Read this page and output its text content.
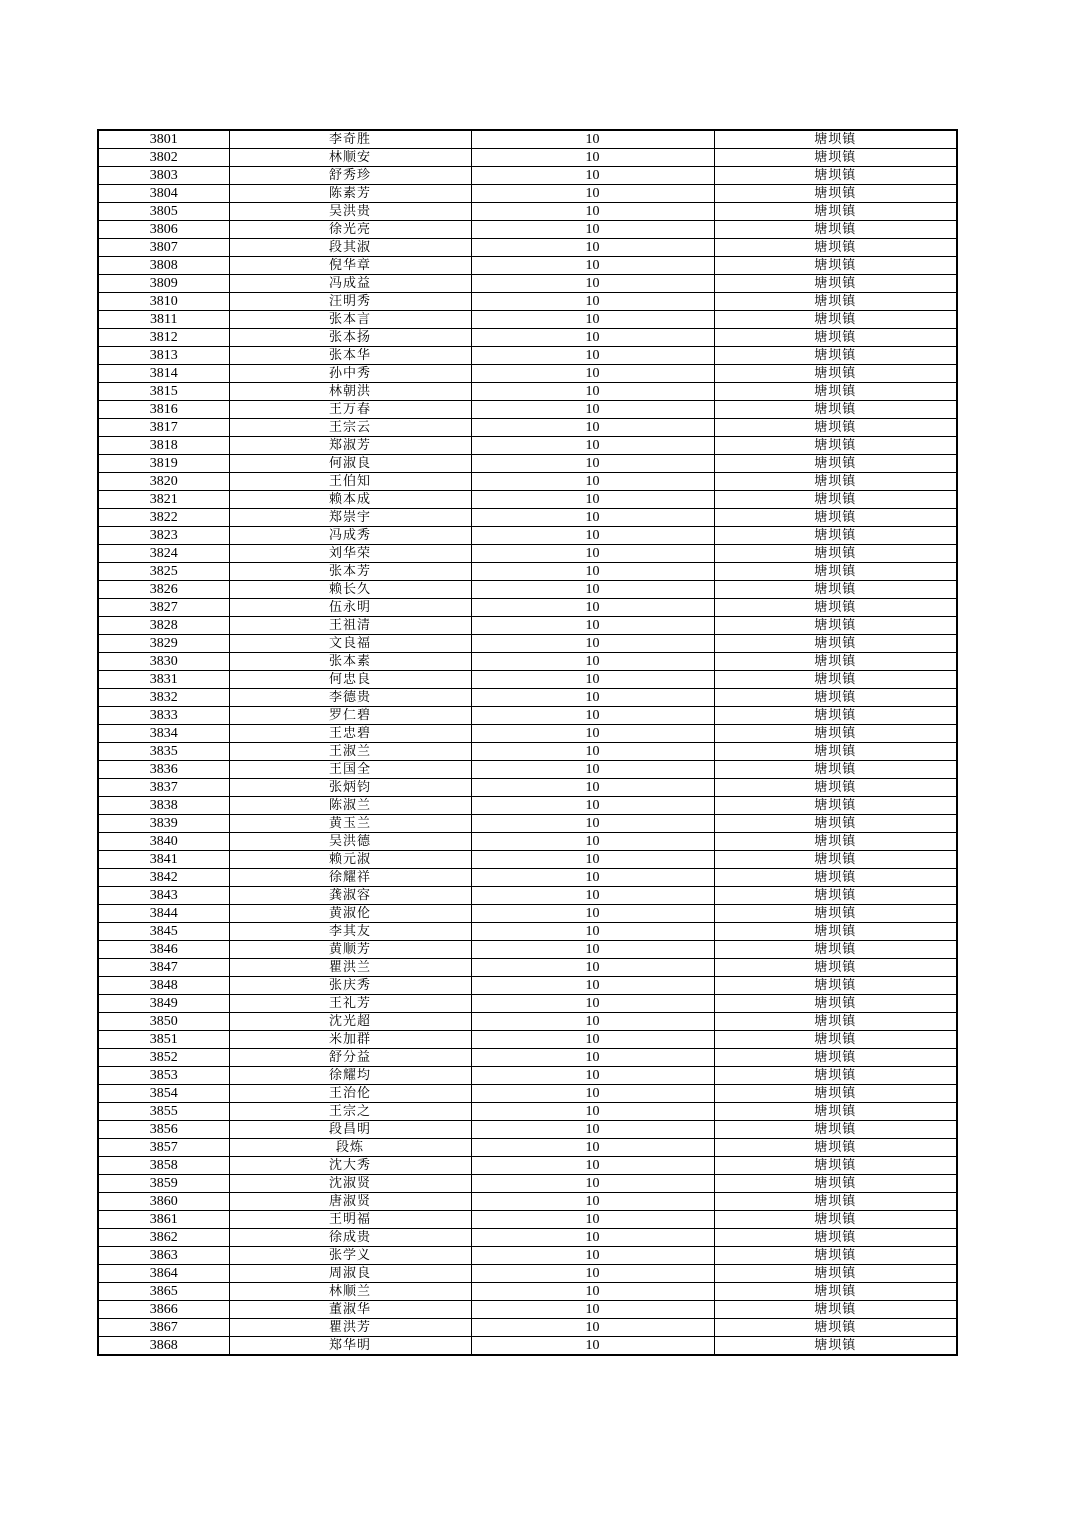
3801	李奇胜	10	塘坝镇
3802	林顺安	10	塘坝镇
3803	舒秀珍	10	塘坝镇
3804	陈素芳	10	塘坝镇
3805	吴洪贵	10	塘坝镇
3806	徐光亮	10	塘坝镇
3807	段其淑	10	塘坝镇
3808	倪华章	10	塘坝镇
3809	冯成益	10	塘坝镇
3810	汪明秀	10	塘坝镇
3811	张本言	10	塘坝镇
3812	张本扬	10	塘坝镇
3813	张本华	10	塘坝镇
3814	孙中秀	10	塘坝镇
3815	林朝洪	10	塘坝镇
3816	王万春	10	塘坝镇
3817	王宗云	10	塘坝镇
3818	郑淑芳	10	塘坝镇
3819	何淑良	10	塘坝镇
3820	王伯知	10	塘坝镇
3821	赖本成	10	塘坝镇
3822	郑崇宇	10	塘坝镇
3823	冯成秀	10	塘坝镇
3824	刘华荣	10	塘坝镇
3825	张本芳	10	塘坝镇
3826	赖长久	10	塘坝镇
3827	伍永明	10	塘坝镇
3828	王祖清	10	塘坝镇
3829	文良福	10	塘坝镇
3830	张本素	10	塘坝镇
3831	何忠良	10	塘坝镇
3832	李德贵	10	塘坝镇
3833	罗仁碧	10	塘坝镇
3834	王忠碧	10	塘坝镇
3835	王淑兰	10	塘坝镇
3836	王国全	10	塘坝镇
3837	张炳钧	10	塘坝镇
3838	陈淑兰	10	塘坝镇
3839	黄玉兰	10	塘坝镇
3840	吴洪德	10	塘坝镇
3841	赖元淑	10	塘坝镇
3842	徐耀祥	10	塘坝镇
3843	龚淑容	10	塘坝镇
3844	黄淑伦	10	塘坝镇
3845	李其友	10	塘坝镇
3846	黄顺芳	10	塘坝镇
3847	瞿洪兰	10	塘坝镇
3848	张庆秀	10	塘坝镇
3849	王礼芳	10	塘坝镇
3850	沈光超	10	塘坝镇
3851	米加群	10	塘坝镇
3852	舒分益	10	塘坝镇
3853	徐耀均	10	塘坝镇
3854	王治伦	10	塘坝镇
3855	王宗之	10	塘坝镇
3856	段昌明	10	塘坝镇
3857	段炼	10	塘坝镇
3858	沈大秀	10	塘坝镇
3859	沈淑贤	10	塘坝镇
3860	唐淑贤	10	塘坝镇
3861	王明福	10	塘坝镇
3862	徐成贵	10	塘坝镇
3863	张学义	10	塘坝镇
3864	周淑良	10	塘坝镇
3865	林顺兰	10	塘坝镇
3866	董淑华	10	塘坝镇
3867	瞿洪芳	10	塘坝镇
3868	郑华明	10	塘坝镇
